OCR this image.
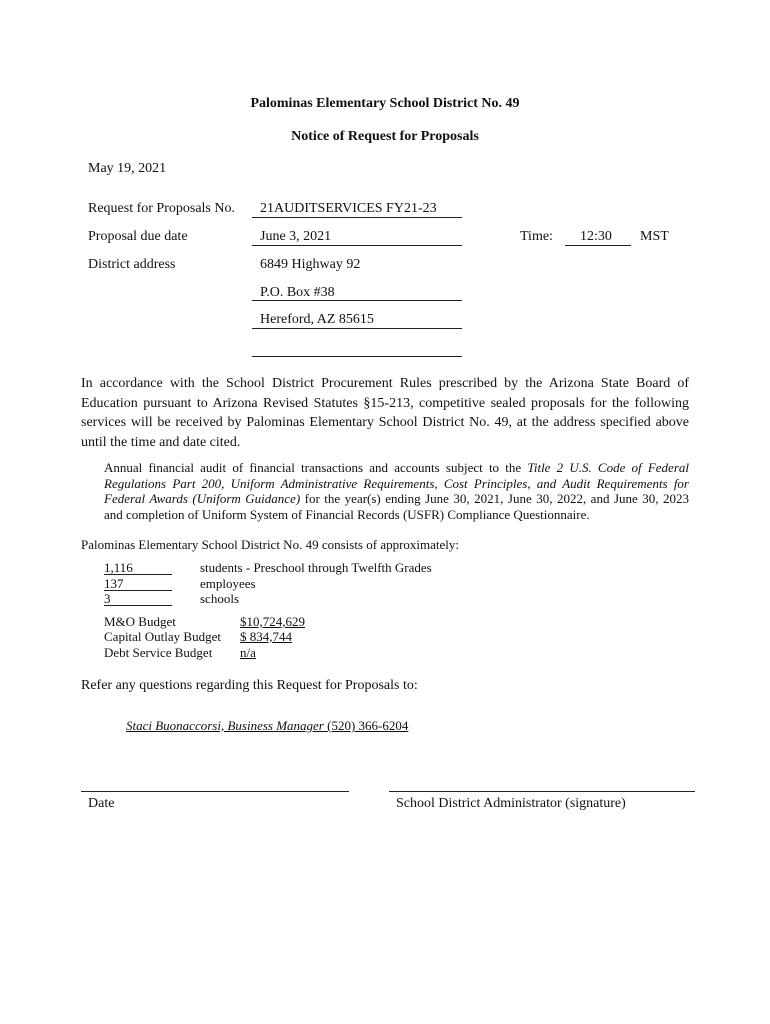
Palominas Elementary School District No. 49
Notice of Request for Proposals
May 19, 2021
Request for Proposals No. 21AUDITSERVICES FY21-23
Proposal due date	June 3, 2021	Time: 12:30 MST
District address	6849 Highway 92
P.O. Box #38
Hereford, AZ 85615
In accordance with the School District Procurement Rules prescribed by the Arizona State Board of Education pursuant to Arizona Revised Statutes §15-213, competitive sealed proposals for the following services will be received by Palominas Elementary School District No. 49, at the address specified above until the time and date cited.
Annual financial audit of financial transactions and accounts subject to the Title 2 U.S. Code of Federal Regulations Part 200, Uniform Administrative Requirements, Cost Principles, and Audit Requirements for Federal Awards (Uniform Guidance) for the year(s) ending June 30, 2021, June 30, 2022, and June 30, 2023 and completion of Uniform System of Financial Records (USFR) Compliance Questionnaire.
Palominas Elementary School District No. 49 consists of approximately:
1,116	students - Preschool through Twelfth Grades
137	employees
3	schools
M&O Budget	$10,724,629
Capital Outlay Budget $ 834,744
Debt Service Budget n/a
Refer any questions regarding this Request for Proposals to:
Staci Buonaccorsi, Business Manager (520) 366-6204
Date	School District Administrator (signature)
